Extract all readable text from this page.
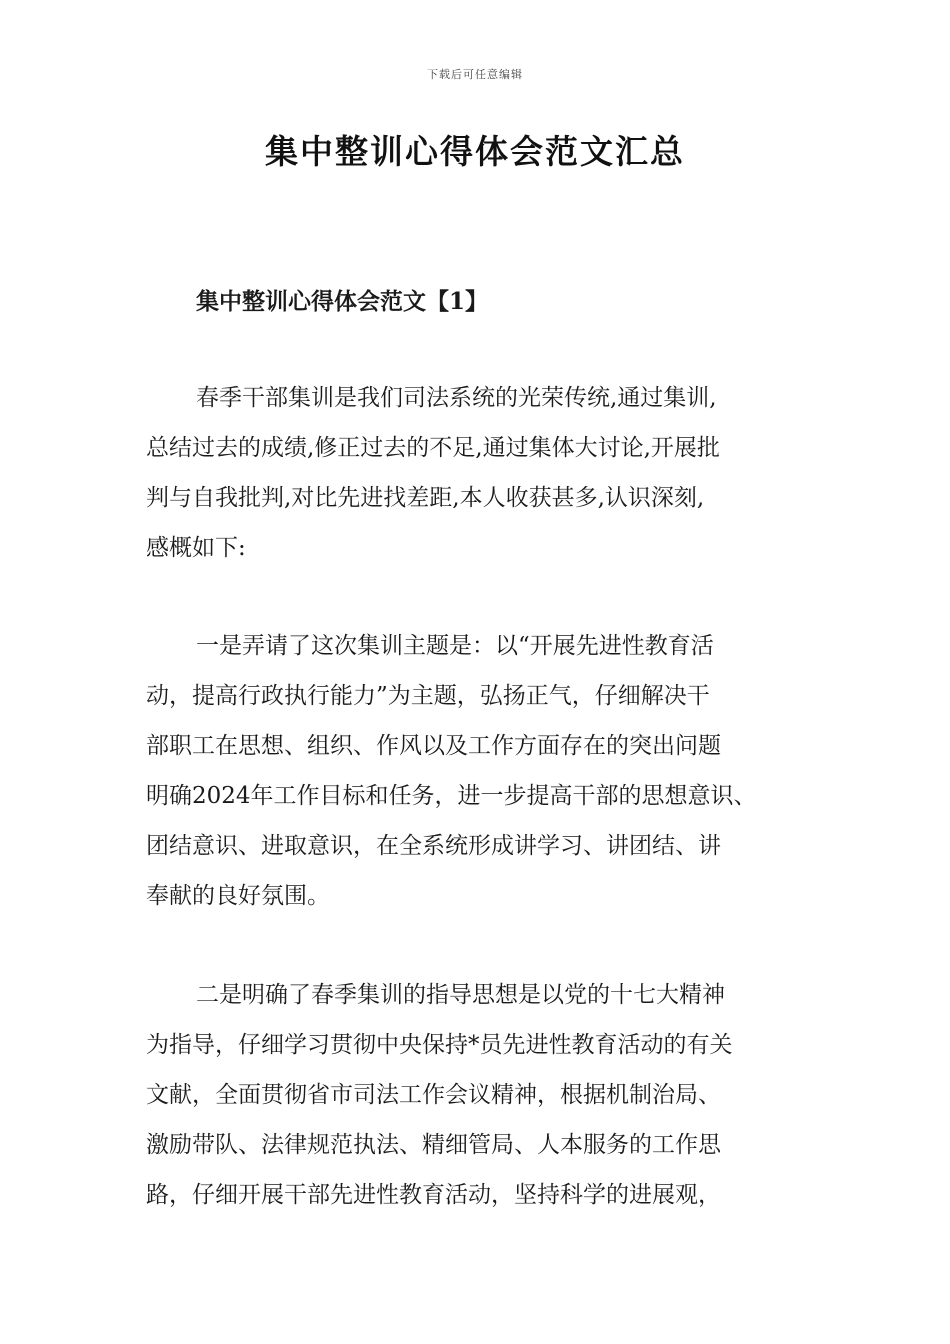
下载后可任意编辑
集中整训心得体会范文汇总
集中整训心得体会范文【1】
春季干部集训是我们司法系统的光荣传统,通过集训,
总结过去的成绩,修正过去的不足,通过集体大讨论,开展批
判与自我批判,对比先进找差距,本人收获甚多,认识深刻,
感概如下:
一是弄请了这次集训主题是：以“开展先进性教育活
动，提高行政执行能力”为主题，弘扬正气，仔细解决干
部职工在思想、组织、作风以及工作方面存在的突出问题
明确2024年工作目标和任务，进一步提高干部的思想意识、
团结意识、进取意识，在全系统形成讲学习、讲团结、讲
奉献的良好氛围。
二是明确了春季集训的指导思想是以党的十七大精神
为指导，仔细学习贯彻中央保持*员先进性教育活动的有关
文献，全面贯彻省市司法工作会议精神，根据机制治局、
激励带队、法律规范执法、精细管局、人本服务的工作思
路，仔细开展干部先进性教育活动，坚持科学的进展观，
